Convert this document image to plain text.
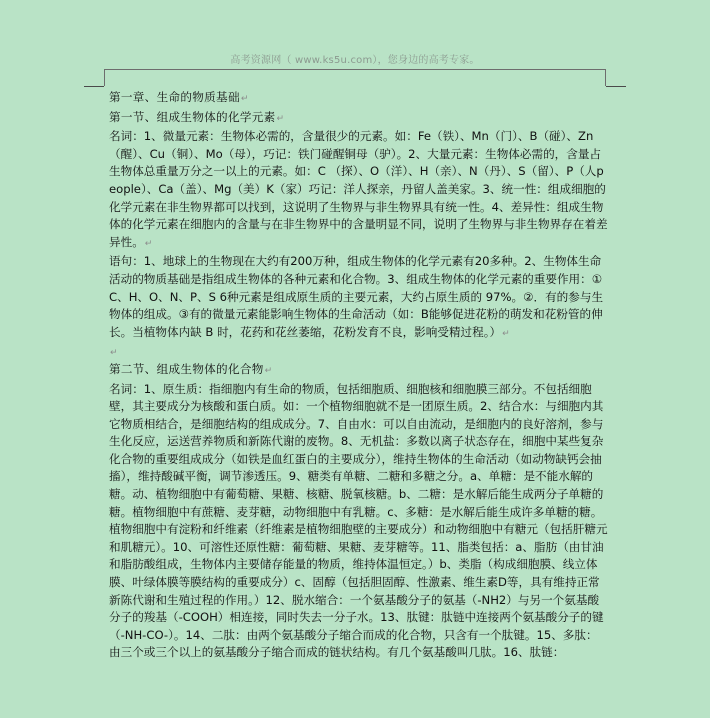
高考资源网（ www.ks5u.com），您身边的高考专家。

第一章、生命的物质基础↵

第一节、组成生物体的化学元素↵

名词：1、微量元素：生物体必需的，含量很少的元素。如：Fe（铁）、Mn（门）、B（碰）、Zn（醒）、Cu（铜）、Mo（母），巧记：铁门碰醒铜母（驴）。2、大量元素：生物体必需的，含量占生物体总重量万分之一以上的元素。如：C （探）、O（洋）、H（亲）、N（丹）、S（留）、P（人people）、Ca（盖）、Mg（美）K（家）巧记：洋人探亲，丹留人盖美家。3、统一性：组成细胞的化学元素在非生物界都可以找到，这说明了生物界与非生物界具有统一性。4、差异性：组成生物体的化学元素在细胞内的含量与在非生物界中的含量明显不同，说明了生物界与非生物界存在着差异性。↵

语句：1、地球上的生物现在大约有200万种，组成生物体的化学元素有20多种。2、生物体生命活动的物质基础是指组成生物体的各种元素和化合物。3、组成生物体的化学元素的重要作用：① C、H、O、N、P、S 6种元素是组成原生质的主要元素，大约占原生质的 97%。②．有的参与生物体的组成。③有的微量元素能影响生物体的生命活动（如：B能够促进花粉的萌发和花粉管的伸长。当植物体内缺 B 时，花药和花丝萎缩，花粉发育不良，影响受精过程。）↵

↵

第二节、组成生物体的化合物↵

名词：1、原生质：指细胞内有生命的物质，包括细胞质、细胞核和细胞膜三部分。不包括细胞壁，其主要成分为核酸和蛋白质。如：一个植物细胞就不是一团原生质。2、结合水：与细胞内其它物质相结合，是细胞结构的组成成分。7、自由水：可以自由流动，是细胞内的良好溶剂，参与生化反应，运送营养物质和新陈代谢的废物。8、无机盐：多数以离子状态存在，细胞中某些复杂化合物的重要组成成分（如铁是血红蛋白的主要成分），维持生物体的生命活动（如动物缺钙会抽搐），维持酸碱平衡，调节渗透压。9、糖类有单糖、二糖和多糖之分。a、单糖：是不能水解的糖。动、植物细胞中有葡萄糖、果糖、核糖、脱氧核糖。b、二糖：是水解后能生成两分子单糖的糖。植物细胞中有蔗糖、麦芽糖，动物细胞中有乳糖。c、多糖：是水解后能生成许多单糖的糖。植物细胞中有淀粉和纤维素（纤维素是植物细胞壁的主要成分）和动物细胞中有糖元（包括肝糖元和肌糖元）。10、可溶性还原性糖：葡萄糖、果糖、麦芽糖等。11、脂类包括：a、脂肪（由甘油和脂肪酸组成，生物体内主要储存能量的物质，维持体温恒定。）b、类脂（构成细胞膜、线立体膜、叶绿体膜等膜结构的重要成分）c、固醇（包括胆固醇、性激素、维生素D等，具有维持正常新陈代谢和生殖过程的作用。）12、脱水缩合：一个氨基酸分子的氨基（-NH2）与另一个氨基酸分子的羧基（-COOH）相连接，同时失去一分子水。13、肽键：肽链中连接两个氨基酸分子的键（-NH-CO-）。14、二肽：由两个氨基酸分子缩合而成的化合物，只含有一个肽键。15、多肽：由三个或三个以上的氨基酸分子缩合而成的链状结构。有几个氨基酸叫几肽。16、肽链：
